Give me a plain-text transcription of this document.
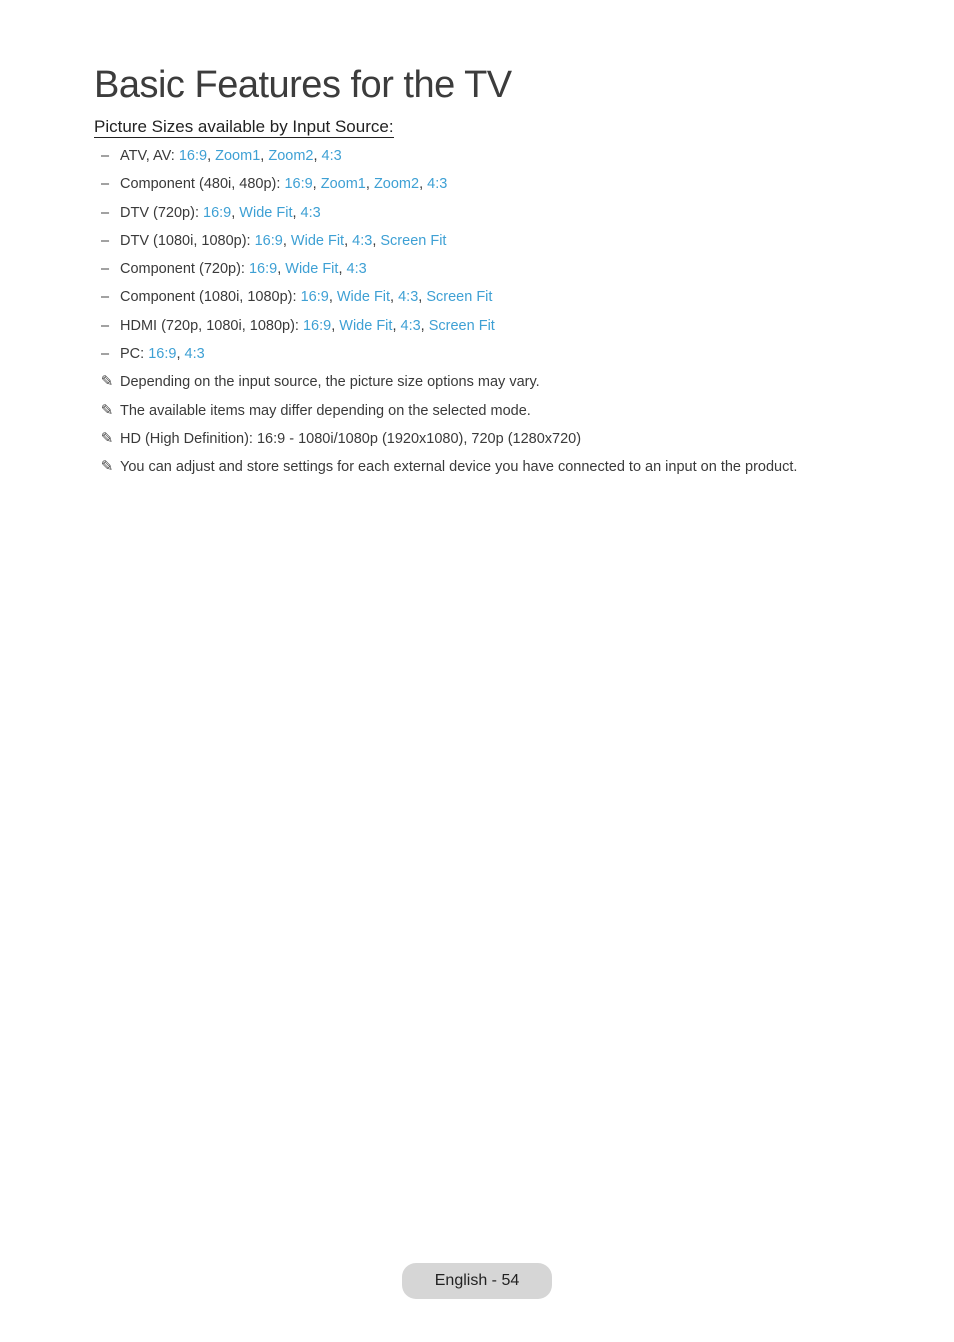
Basic Features for the TV
Picture Sizes available by Input Source:
– ATV, AV: 16:9, Zoom1, Zoom2, 4:3
– Component (480i, 480p): 16:9, Zoom1, Zoom2, 4:3
– DTV (720p): 16:9, Wide Fit, 4:3
– DTV (1080i, 1080p): 16:9, Wide Fit, 4:3, Screen Fit
– Component (720p): 16:9, Wide Fit, 4:3
– Component (1080i, 1080p): 16:9, Wide Fit, 4:3, Screen Fit
– HDMI (720p, 1080i, 1080p): 16:9, Wide Fit, 4:3, Screen Fit
– PC: 16:9, 4:3
✎ Depending on the input source, the picture size options may vary.
✎ The available items may differ depending on the selected mode.
✎ HD (High Definition): 16:9 - 1080i/1080p (1920x1080), 720p (1280x720)
✎ You can adjust and store settings for each external device you have connected to an input on the product.
English - 54
